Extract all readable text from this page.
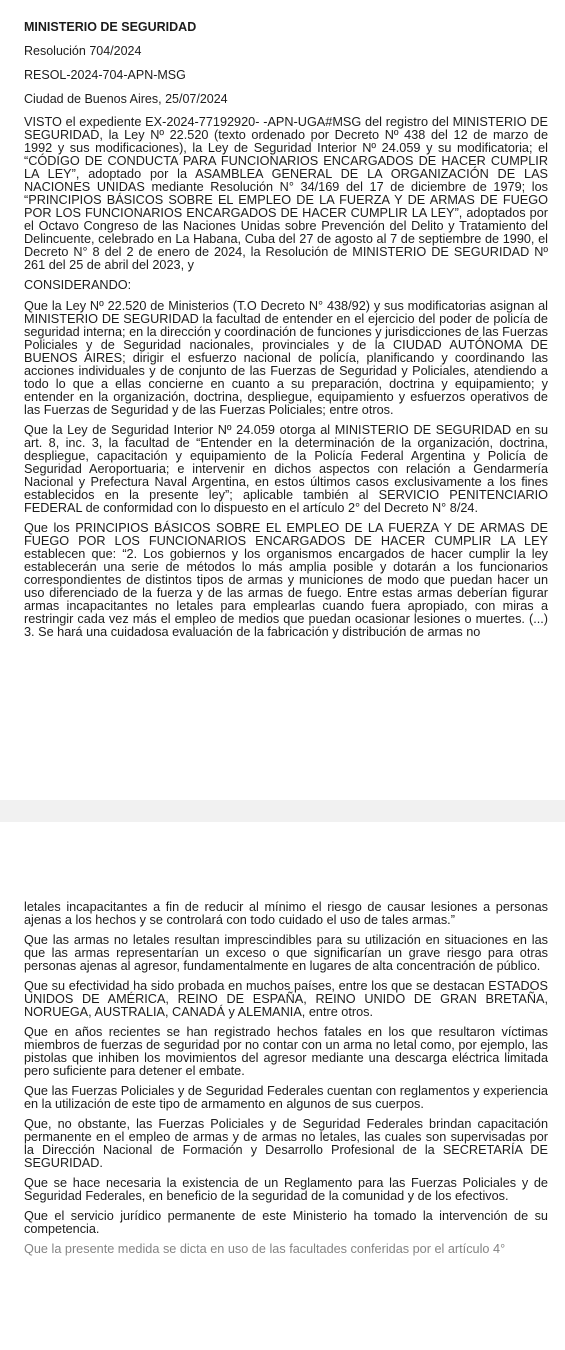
MINISTERIO DE SEGURIDAD
Resolución 704/2024
RESOL-2024-704-APN-MSG
Ciudad de Buenos Aires, 25/07/2024

VISTO el expediente EX-2024-77192920- -APN-UGA#MSG del registro del MINISTERIO DE SEGURIDAD, la Ley Nº 22.520 (texto ordenado por Decreto Nº 438 del 12 de marzo de 1992 y sus modificaciones), la Ley de Seguridad Interior Nº 24.059 y su modificatoria; el “CÓDIGO DE CONDUCTA PARA FUNCIONARIOS ENCARGADOS DE HACER CUMPLIR LA LEY”, adoptado por la ASAMBLEA GENERAL DE LA ORGANIZACIÓN DE LAS NACIONES UNIDAS mediante Resolución N° 34/169 del 17 de diciembre de 1979; los “PRINCIPIOS BÁSICOS SOBRE EL EMPLEO DE LA FUERZA Y DE ARMAS DE FUEGO POR LOS FUNCIONARIOS ENCARGADOS DE HACER CUMPLIR LA LEY”, adoptados por el Octavo Congreso de las Naciones Unidas sobre Prevención del Delito y Tratamiento del Delincuente, celebrado en La Habana, Cuba del 27 de agosto al 7 de septiembre de 1990, el Decreto N° 8 del 2 de enero de 2024, la Resolución de MINISTERIO DE SEGURIDAD Nº 261 del 25 de abril del 2023, y

CONSIDERANDO:

Que la Ley Nº 22.520 de Ministerios (T.O Decreto N° 438/92) y sus modificatorias asignan al MINISTERIO DE SEGURIDAD la facultad de entender en el ejercicio del poder de policía de seguridad interna; en la dirección y coordinación de funciones y jurisdicciones de las Fuerzas Policiales y de Seguridad nacionales, provinciales y de la CIUDAD AUTÓNOMA DE BUENOS AIRES; dirigir el esfuerzo nacional de policía, planificando y coordinando las acciones individuales y de conjunto de las Fuerzas de Seguridad y Policiales, atendiendo a todo lo que a ellas concierne en cuanto a su preparación, doctrina y equipamiento; y entender en la organización, doctrina, despliegue, equipamiento y esfuerzos operativos de las Fuerzas de Seguridad y de las Fuerzas Policiales; entre otros.

Que la Ley de Seguridad Interior Nº 24.059 otorga al MINISTERIO DE SEGURIDAD en su art. 8, inc. 3, la facultad de “Entender en la determinación de la organización, doctrina, despliegue, capacitación y equipamiento de la Policía Federal Argentina y Policía de Seguridad Aeroportuaria; e intervenir en dichos aspectos con relación a Gendarmería Nacional y Prefectura Naval Argentina, en estos últimos casos exclusivamente a los fines establecidos en la presente ley”; aplicable también al SERVICIO PENITENCIARIO FEDERAL de conformidad con lo dispuesto en el artículo 2° del Decreto N° 8/24.

Que los PRINCIPIOS BÁSICOS SOBRE EL EMPLEO DE LA FUERZA Y DE ARMAS DE FUEGO POR LOS FUNCIONARIOS ENCARGADOS DE HACER CUMPLIR LA LEY establecen que: “2. Los gobiernos y los organismos encargados de hacer cumplir la ley establecerán una serie de métodos lo más amplia posible y dotarán a los funcionarios correspondientes de distintos tipos de armas y municiones de modo que puedan hacer un uso diferenciado de la fuerza y de las armas de fuego. Entre estas armas deberían figurar armas incapacitantes no letales para emplearlas cuando fuera apropiado, con miras a restringir cada vez más el empleo de medios que puedan ocasionar lesiones o muertes. (...) 3. Se hará una cuidadosa evaluación de la fabricación y distribución de armas no

letales incapacitantes a fin de reducir al mínimo el riesgo de causar lesiones a personas ajenas a los hechos y se controlará con todo cuidado el uso de tales armas.”

Que las armas no letales resultan imprescindibles para su utilización en situaciones en las que las armas representarían un exceso o que significarían un grave riesgo para otras personas ajenas al agresor, fundamentalmente en lugares de alta concentración de público.

Que su efectividad ha sido probada en muchos países, entre los que se destacan ESTADOS UNIDOS DE AMÉRICA, REINO DE ESPAÑA, REINO UNIDO DE GRAN BRETAÑA, NORUEGA, AUSTRALIA, CANADÁ y ALEMANIA, entre otros.

Que en años recientes se han registrado hechos fatales en los que resultaron víctimas miembros de fuerzas de seguridad por no contar con un arma no letal como, por ejemplo, las pistolas que inhiben los movimientos del agresor mediante una descarga eléctrica limitada pero suficiente para detener el embate.

Que las Fuerzas Policiales y de Seguridad Federales cuentan con reglamentos y experiencia en la utilización de este tipo de armamento en algunos de sus cuerpos.

Que, no obstante, las Fuerzas Policiales y de Seguridad Federales brindan capacitación permanente en el empleo de armas y de armas no letales, las cuales son supervisadas por la Dirección Nacional de Formación y Desarrollo Profesional de la SECRETARÍA DE SEGURIDAD.

Que se hace necesaria la existencia de un Reglamento para las Fuerzas Policiales y de Seguridad Federales, en beneficio de la seguridad de la comunidad y de los efectivos.

Que el servicio jurídico permanente de este Ministerio ha tomado la intervención de su competencia.

Que la presente medida se dicta en uso de las facultades conferidas por el artículo 4°
